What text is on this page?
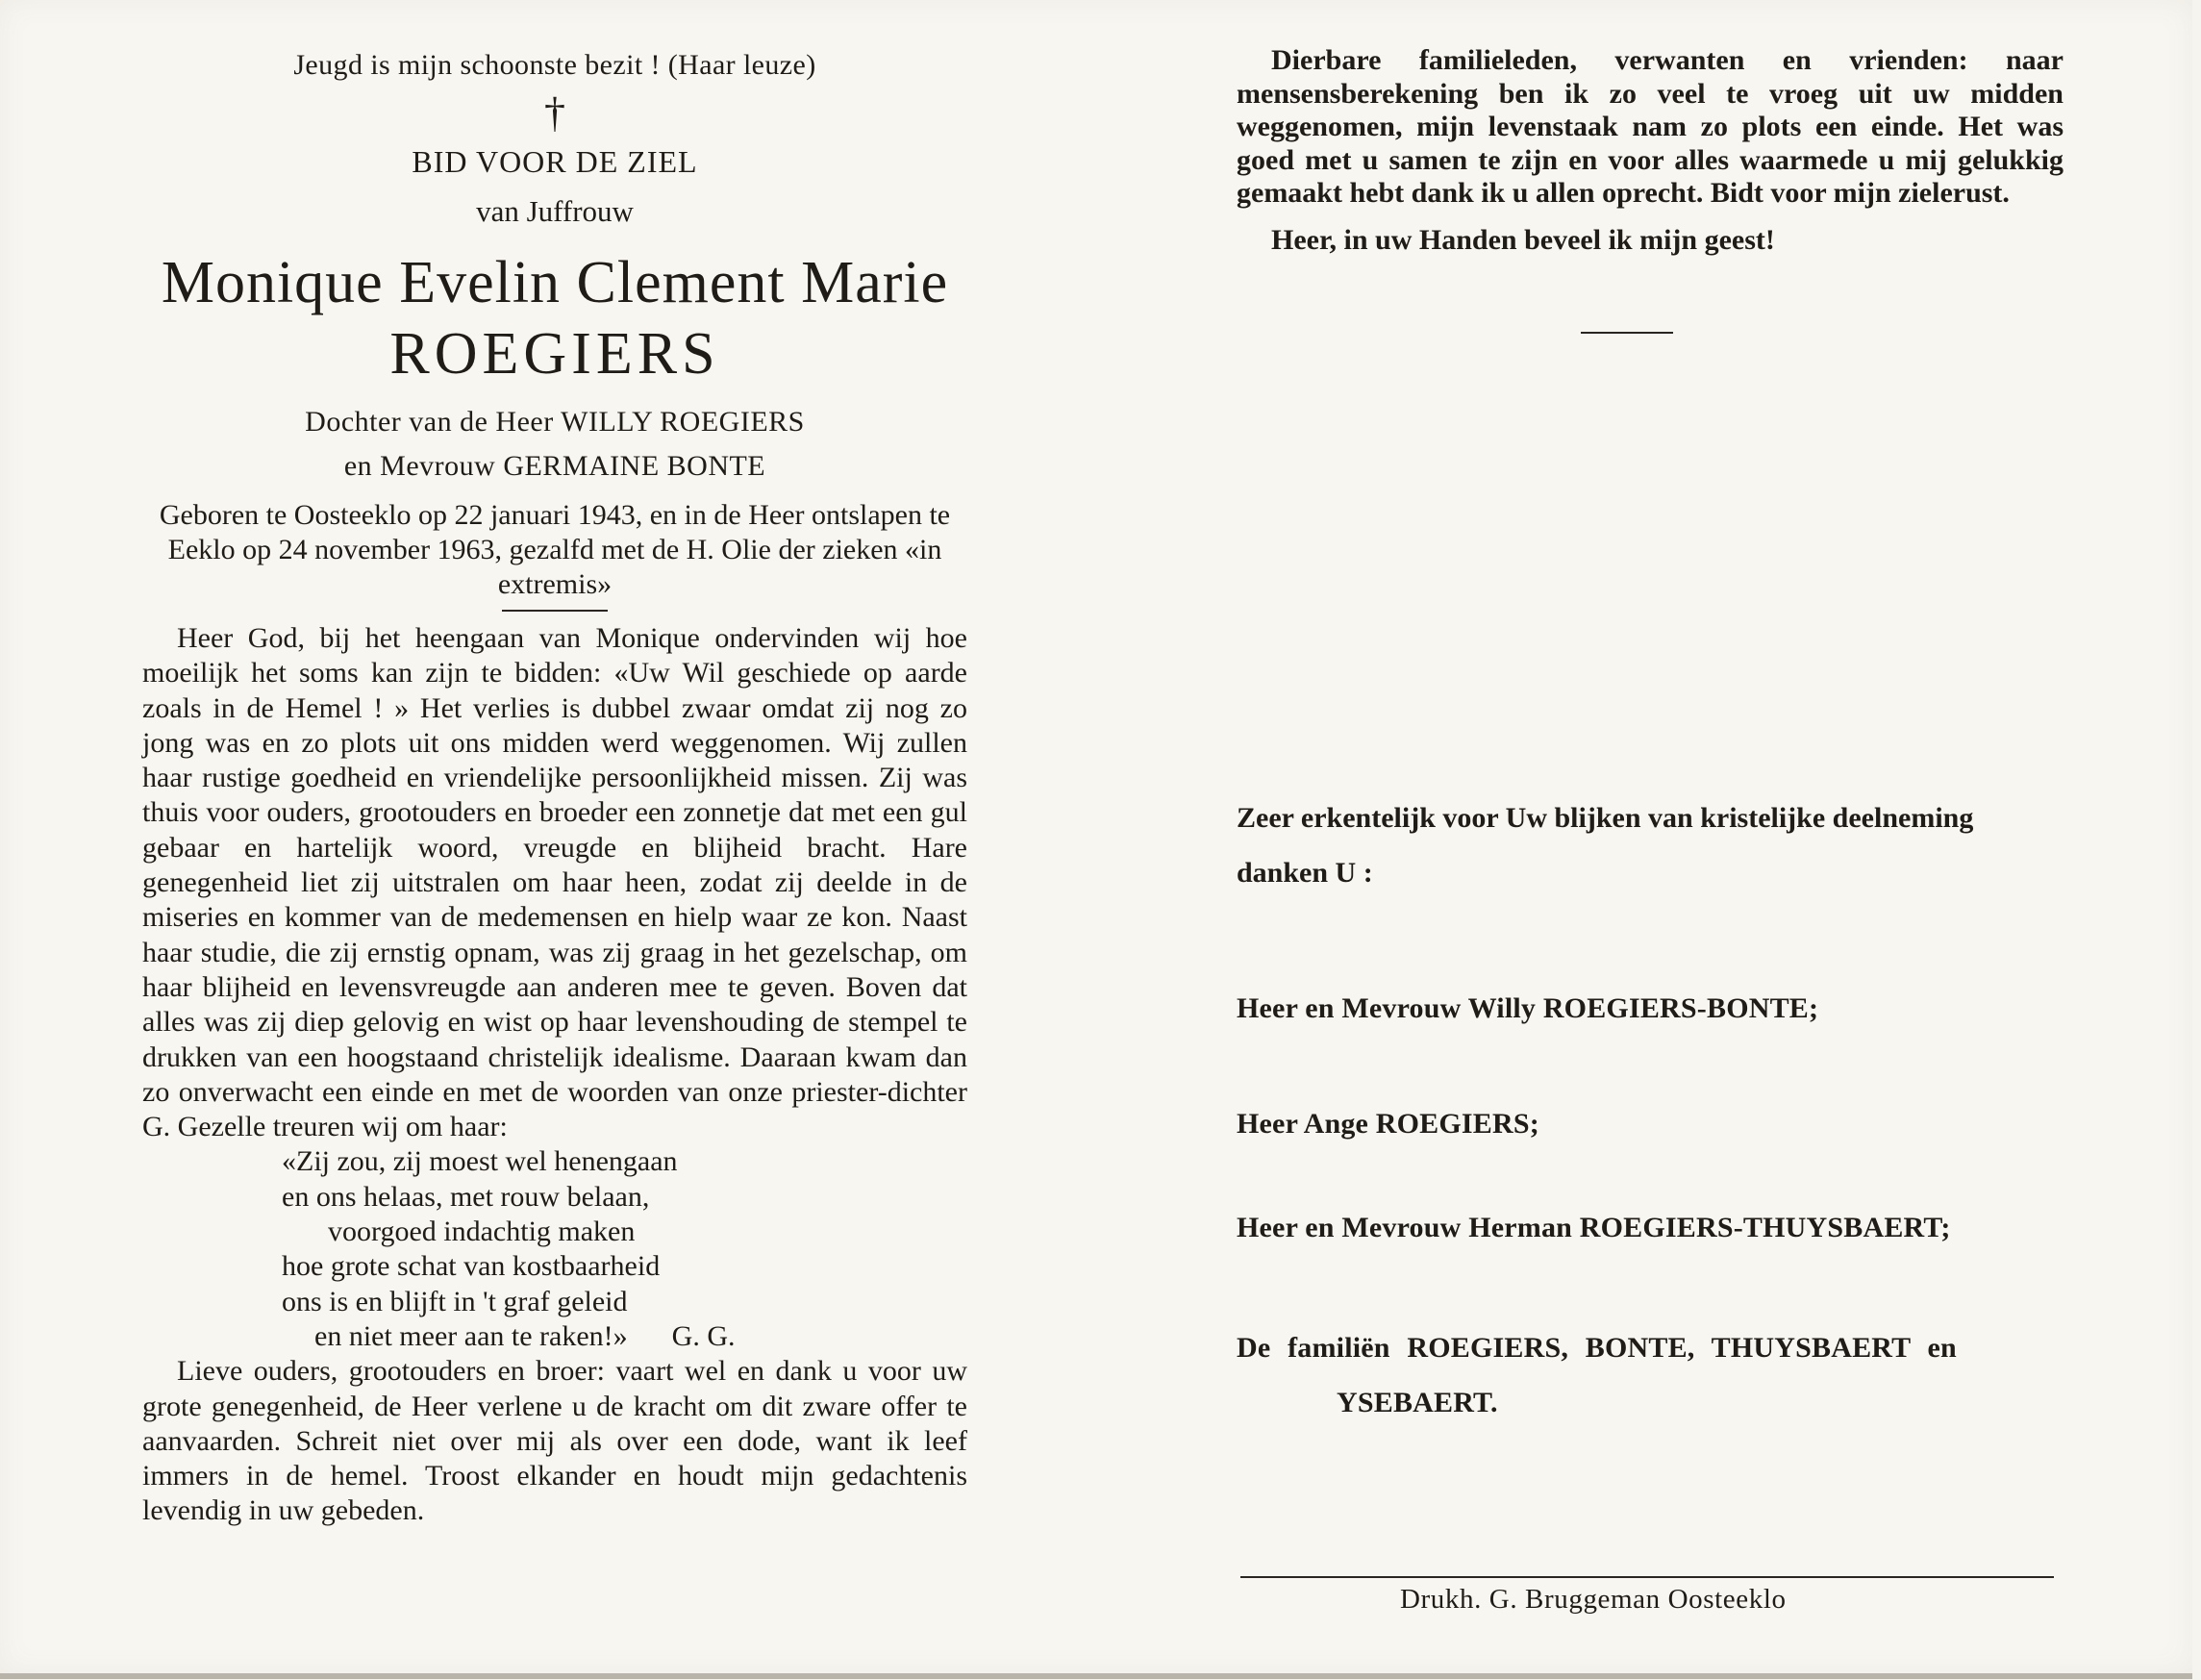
Jeugd is mijn schoonste bezit ! (Haar leuze)
†
BID VOOR DE ZIEL
van Juffrouw
Monique Evelin Clement Marie
ROEGIERS
Dochter van de Heer WILLY ROEGIERS
en Mevrouw GERMAINE BONTE
Geboren te Oosteeklo op 22 januari 1943, en in de Heer ontslapen te Eeklo op 24 november 1963, gezalfd met de H. Olie der zieken «in extremis»

Heer God, bij het heengaan van Monique ondervinden wij hoe moeilijk het soms kan zijn te bidden: «Uw Wil geschiede op aarde zoals in de Hemel ! » Het verlies is dubbel zwaar omdat zij nog zo jong was en zo plots uit ons midden werd weggenomen. Wij zullen haar rustige goedheid en vriendelijke persoonlijkheid missen. Zij was thuis voor ouders, grootouders en broeder een zonnetje dat met een gul gebaar en hartelijk woord, vreugde en blijheid bracht. Hare genegenheid liet zij uitstralen om haar heen, zodat zij deelde in de miseries en kommer van de medemensen en hielp waar ze kon. Naast haar studie, die zij ernstig opnam, was zij graag in het gezelschap, om haar blijheid en levensvreugde aan anderen mee te geven. Boven dat alles was zij diep gelovig en wist op haar levenshouding de stempel te drukken van een hoogstaand christelijk idealisme. Daaraan kwam dan zo onverwacht een einde en met de woorden van onze priester-dichter G. Gezelle treuren wij om haar:

«Zij zou, zij moest wel henengaan
en ons helaas, met rouw belaan,
voorgoed indachtig maken
hoe grote schat van kostbaarheid
ons is en blijft in 't graf geleid
en niet meer aan te raken!» G. G.

Lieve ouders, grootouders en broer: vaart wel en dank u voor uw grote genegenheid, de Heer verlene u de kracht om dit zware offer te aanvaarden. Schreit niet over mij als over een dode, want ik leef immers in de hemel. Troost elkander en houdt mijn gedachtenis levendig in uw gebeden.

Dierbare familieleden, verwanten en vrienden: naar mensensberekening ben ik zo veel te vroeg uit uw midden weggenomen, mijn levenstaak nam zo plots een einde. Het was goed met u samen te zijn en voor alles waarmede u mij gelukkig gemaakt hebt dank ik u allen oprecht. Bidt voor mijn zielerust.

Heer, in uw Handen beveel ik mijn geest!
Zeer erkentelijk voor Uw blijken van kristelijke deelneming danken U :
Heer en Mevrouw Willy ROEGIERS-BONTE;
Heer Ange ROEGIERS;
Heer en Mevrouw Herman ROEGIERS-THUYSBAERT;
De familiën ROEGIERS, BONTE, THUYSBAERT en
YSEBAERT.
Drukh. G. Bruggeman Oosteeklo
